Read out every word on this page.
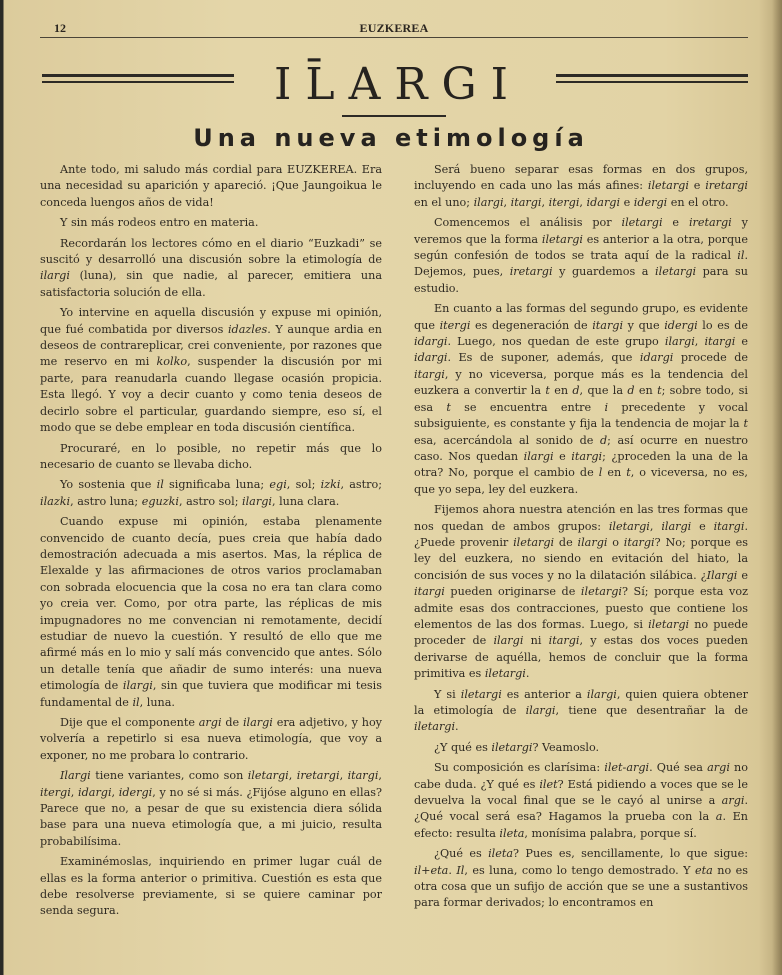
12	EUZKEREA
IL̄ARGI
Una nueva etimología

Ante todo, mi saludo más cordial para EUZKEREA. Era una necesidad su aparición y apareció. ¡Que Jaungoikua le conceda luengos años de vida!

Y sin más rodeos entro en materia.

Recordarán los lectores cómo en el diario “Euzkadi” se suscitó y desarrolló una discusión sobre la etimología de ilargi (luna), sin que nadie, al parecer, emitiera una satisfactoria solución de ella.

Yo intervine en aquella discusión y expuse mi opinión, que fué combatida por diversos idazles. Y aunque ardia en deseos de contrareplicar, crei conveniente, por razones que me reservo en mi kolko, suspender la discusión por mi parte, para reanudarla cuando llegase ocasión propicia. Esta llegó. Y voy a decir cuanto y como tenia deseos de decirlo sobre el particular, guardando siempre, eso sí, el modo que se debe emplear en toda discusión científica.

Procuraré, en lo posible, no repetir más que lo necesario de cuanto se llevaba dicho.

Yo sostenia que il significaba luna; egi, sol; izki, astro; ilazki, astro luna; eguzki, astro sol; ilargi, luna clara.

Cuando expuse mi opinión, estaba plenamente convencido de cuanto decía, pues creia que había dado demostración adecuada a mis asertos. Mas, la réplica de Elexalde y las afirmaciones de otros varios proclamaban con sobrada elocuencia que la cosa no era tan clara como yo creia ver. Como, por otra parte, las réplicas de mis impugnadores no me convencian ni remotamente, decidí estudiar de nuevo la cuestión. Y resultó de ello que me afirmé más en lo mio y salí más convencido que antes. Sólo un detalle tenía que añadir de sumo interés: una nueva etimología de ilargi, sin que tuviera que modificar mi tesis fundamental de il, luna.

Dije que el componente argi de ilargi era adjetivo, y hoy volvería a repetirlo si esa nueva etimología, que voy a exponer, no me probara lo contrario.

Ilargi tiene variantes, como son iletargi, iretargi, itargi, itergi, idargi, idergi, y no sé si más. ¿Fijóse alguno en ellas? Parece que no, a pesar de que su existencia diera sólida base para una nueva etimología que, a mi juicio, resulta probabilísima.

Examinémoslas, inquiriendo en primer lugar cuál de ellas es la forma anterior o primitiva. Cuestión es esta que debe resolverse previamente, si se quiere caminar por senda segura.

Será bueno separar esas formas en dos grupos, incluyendo en cada uno las más afines: iletargi e iretargi en el uno; ilargi, itargi, itergi, idargi e idergi en el otro.

Comencemos el análisis por iletargi e iretargi y veremos que la forma iletargi es anterior a la otra, porque según confesión de todos se trata aquí de la radical il. Dejemos, pues, iretargi y guardemos a iletargi para su estudio.

En cuanto a las formas del segundo grupo, es evidente que itergi es degeneración de itargi y que idergi lo es de idargi. Luego, nos quedan de este grupo ilargi, itargi e idargi. Es de suponer, además, que idargi procede de itargi, y no viceversa, porque más es la tendencia del euzkera a convertir la t en d, que la d en t; sobre todo, si esa t se encuentra entre i precedente y vocal subsiguiente, es constante y fija la tendencia de mojar la t esa, acercándola al sonido de d; así ocurre en nuestro caso. Nos quedan ilargi e itargi; ¿proceden la una de la otra? No, porque el cambio de l en t, o viceversa, no es, que yo sepa, ley del euzkera.

Fijemos ahora nuestra atención en las tres formas que nos quedan de ambos grupos: iletargi, ilargi e itargi. ¿Puede provenir iletargi de ilargi o itargi? No; porque es ley del euzkera, no siendo en evitación del hiato, la concisión de sus voces y no la dilatación silábica. ¿Ilargi e itargi pueden originarse de iletargi? Sí; porque esta voz admite esas dos contracciones, puesto que contiene los elementos de las dos formas. Luego, si iletargi no puede proceder de ilargi ni itargi, y estas dos voces pueden derivarse de aquélla, hemos de concluir que la forma primitiva es iletargi.

Y si iletargi es anterior a ilargi, quien quiera obtener la etimología de ilargi, tiene que desentrañar la de iletargi.

¿Y qué es iletargi? Veamoslo.

Su composición es clarísima: ilet-argi. Qué sea argi no cabe duda. ¿Y qué es ilet? Está pidiendo a voces que se le devuelva la vocal final que se le cayó al unirse a argi. ¿Qué vocal será esa? Hagamos la prueba con la a. En efecto: resulta ileta, monísima palabra, porque sí.

¿Qué es ileta? Pues es, sencillamente, lo que sigue: il+eta. Il, es luna, como lo tengo demostrado. Y eta no es otra cosa que un sufijo de acción que se une a sustantivos para formar derivados; lo encontramos en
